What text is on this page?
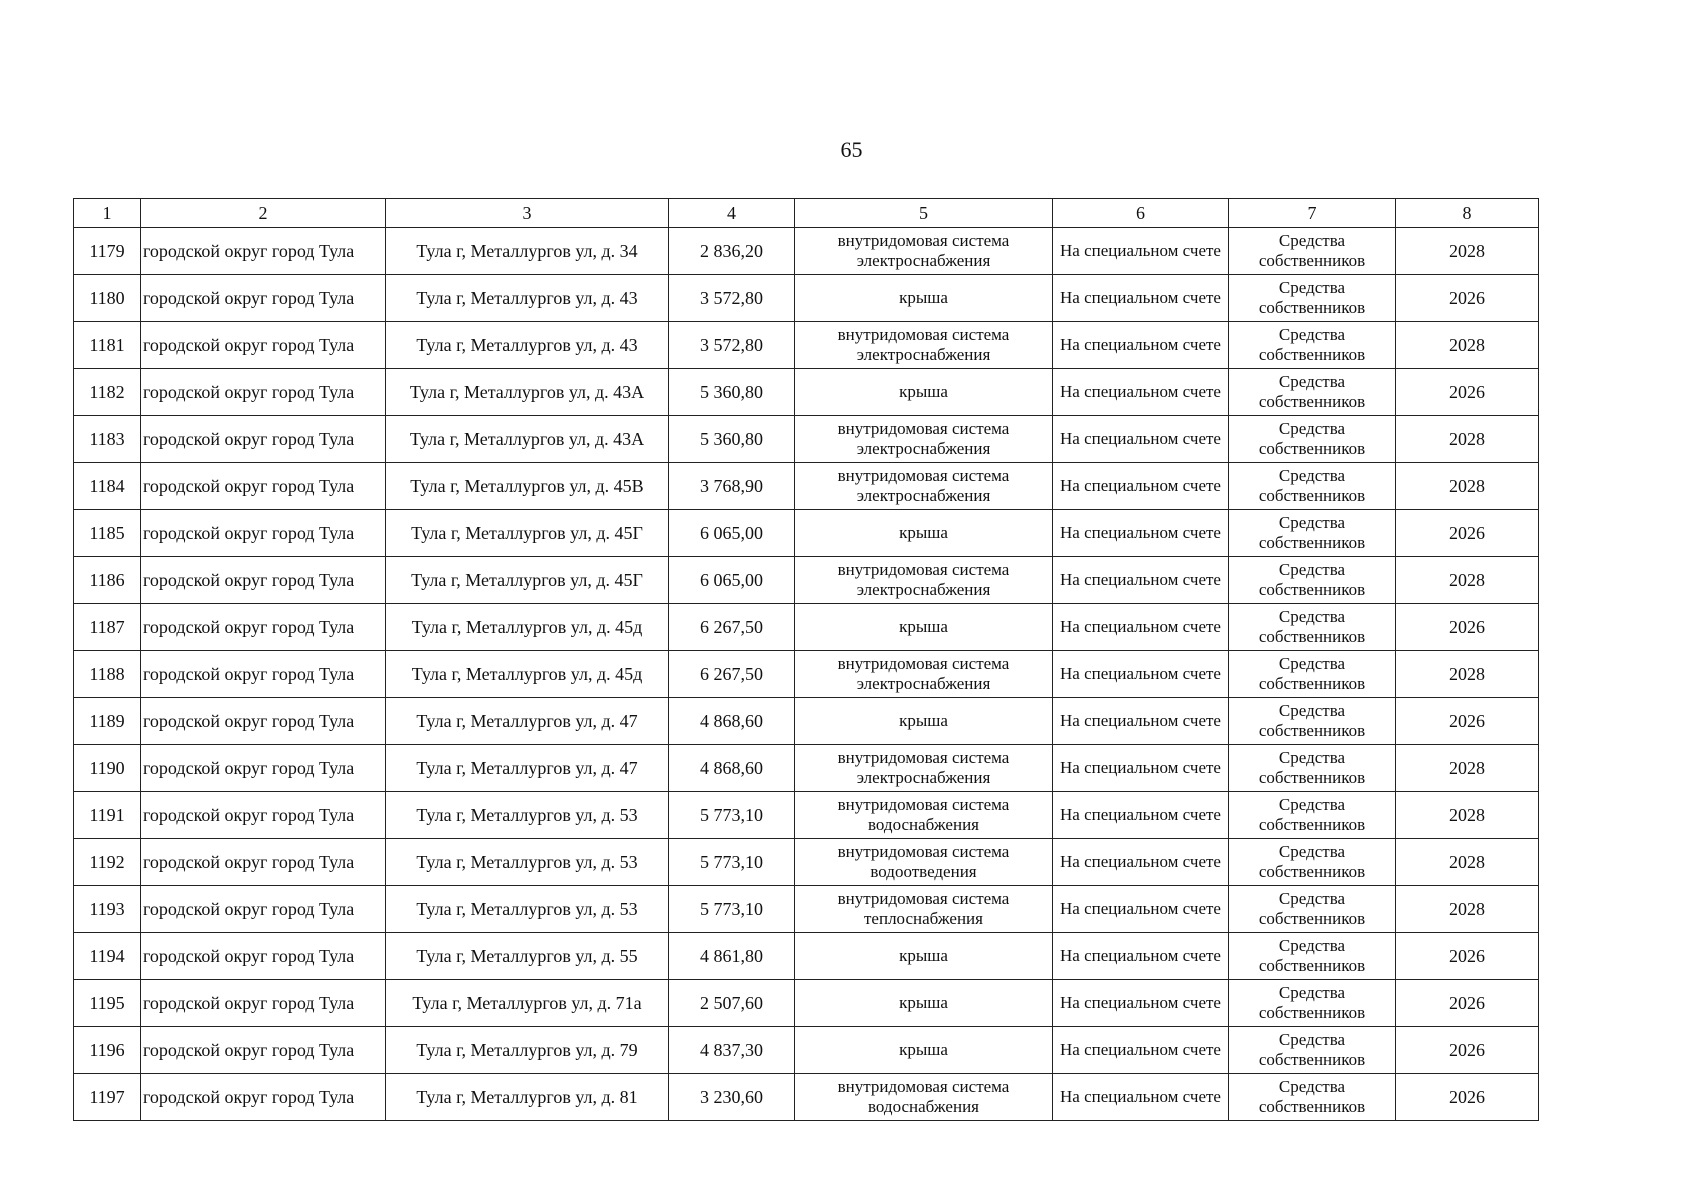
65
1	2	3	4	5	6	7	8
1179	городской округ город Тула	Тула г, Металлургов ул, д. 34	2 836,20	внутридомовая система электроснабжения	На специальном счете	Средства собственников	2028
1180	городской округ город Тула	Тула г, Металлургов ул, д. 43	3 572,80	крыша	На специальном счете	Средства собственников	2026
1181	городской округ город Тула	Тула г, Металлургов ул, д. 43	3 572,80	внутридомовая система электроснабжения	На специальном счете	Средства собственников	2028
1182	городской округ город Тула	Тула г, Металлургов ул, д. 43А	5 360,80	крыша	На специальном счете	Средства собственников	2026
1183	городской округ город Тула	Тула г, Металлургов ул, д. 43А	5 360,80	внутридомовая система электроснабжения	На специальном счете	Средства собственников	2028
1184	городской округ город Тула	Тула г, Металлургов ул, д. 45В	3 768,90	внутридомовая система электроснабжения	На специальном счете	Средства собственников	2028
1185	городской округ город Тула	Тула г, Металлургов ул, д. 45Г	6 065,00	крыша	На специальном счете	Средства собственников	2026
1186	городской округ город Тула	Тула г, Металлургов ул, д. 45Г	6 065,00	внутридомовая система электроснабжения	На специальном счете	Средства собственников	2028
1187	городской округ город Тула	Тула г, Металлургов ул, д. 45д	6 267,50	крыша	На специальном счете	Средства собственников	2026
1188	городской округ город Тула	Тула г, Металлургов ул, д. 45д	6 267,50	внутридомовая система электроснабжения	На специальном счете	Средства собственников	2028
1189	городской округ город Тула	Тула г, Металлургов ул, д. 47	4 868,60	крыша	На специальном счете	Средства собственников	2026
1190	городской округ город Тула	Тула г, Металлургов ул, д. 47	4 868,60	внутридомовая система электроснабжения	На специальном счете	Средства собственников	2028
1191	городской округ город Тула	Тула г, Металлургов ул, д. 53	5 773,10	внутридомовая система водоснабжения	На специальном счете	Средства собственников	2028
1192	городской округ город Тула	Тула г, Металлургов ул, д. 53	5 773,10	внутридомовая система водоотведения	На специальном счете	Средства собственников	2028
1193	городской округ город Тула	Тула г, Металлургов ул, д. 53	5 773,10	внутридомовая система теплоснабжения	На специальном счете	Средства собственников	2028
1194	городской округ город Тула	Тула г, Металлургов ул, д. 55	4 861,80	крыша	На специальном счете	Средства собственников	2026
1195	городской округ город Тула	Тула г, Металлургов ул, д. 71а	2 507,60	крыша	На специальном счете	Средства собственников	2026
1196	городской округ город Тула	Тула г, Металлургов ул, д. 79	4 837,30	крыша	На специальном счете	Средства собственников	2026
1197	городской округ город Тула	Тула г, Металлургов ул, д. 81	3 230,60	внутридомовая система водоснабжения	На специальном счете	Средства собственников	2026
